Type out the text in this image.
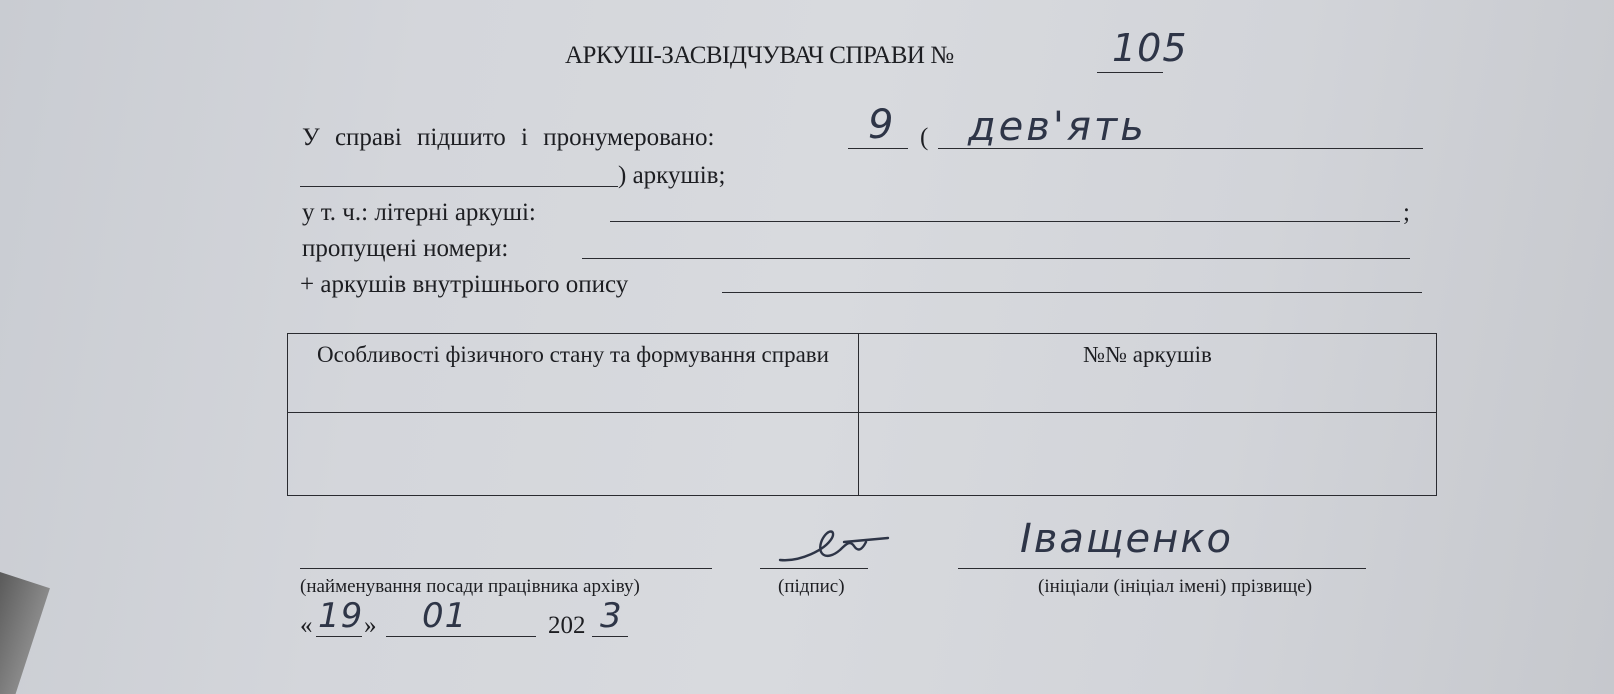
АРКУШ-ЗАСВІДЧУВАЧ СПРАВИ №	105
У справі підшито і пронумеровано:	9 ( дев'ять
) аркушів;
у т. ч.: літерні аркуші:	;
пропущені номери:
+ аркушів внутрішнього опису
Особливості фізичного стану та формування справи	№№ аркушів

(найменування посади працівника архіву)	(підпис)
Іващенко
(ініціали (ініціал імені) прізвище)
« 19 » 01	202 3
